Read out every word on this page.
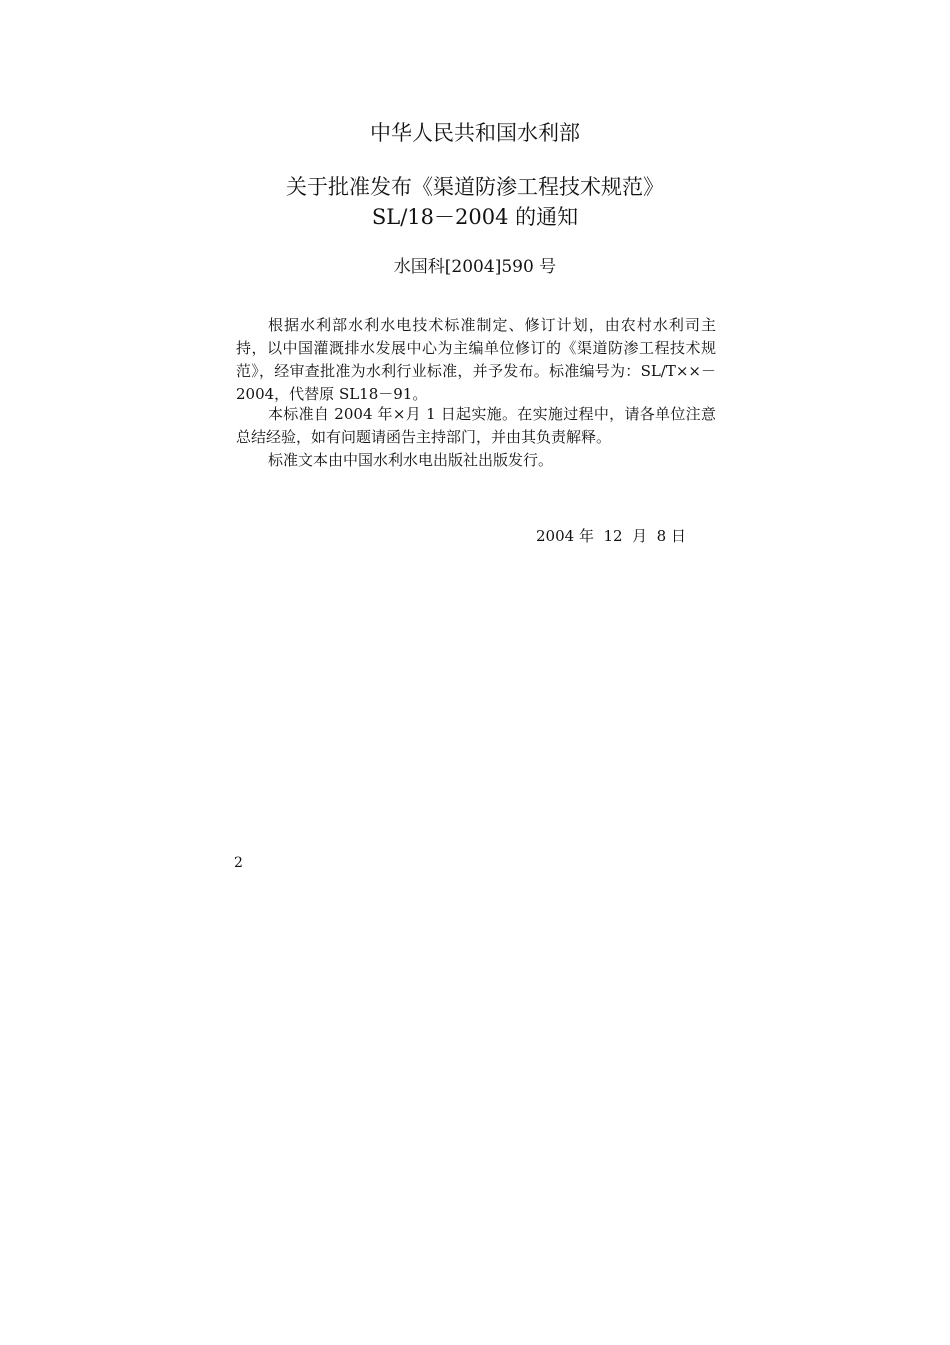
中华人民共和国水利部
关于批准发布《渠道防渗工程技术规范》
SL/18－2004 的通知
水国科[2004]590 号

根据水利部水利水电技术标准制定、修订计划，由农村水利司主持，以中国灌溉排水发展中心为主编单位修订的《渠道防渗工程技术规范》，经审查批准为水利行业标准，并予发布。标准编号为：SL/T××－2004，代替原 SL18－91。

本标准自 2004 年×月 1 日起实施。在实施过程中，请各单位注意总结经验，如有问题请函告主持部门，并由其负责解释。

标准文本由中国水利水电出版社出版发行。

2004 年  12  月  8 日
2
